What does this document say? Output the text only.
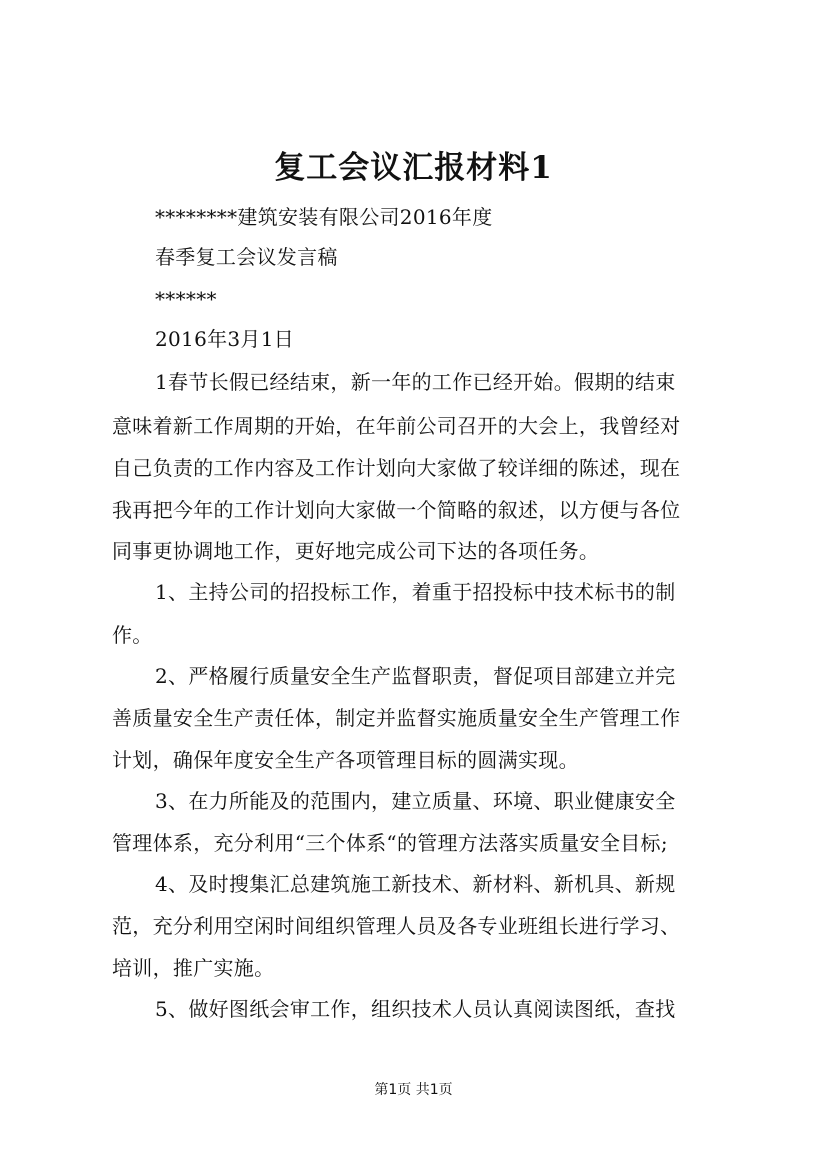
复工会议汇报材料1
********建筑安装有限公司2016年度
春季复工会议发言稿
******
2016年3月1日
1春节长假已经结束，新一年的工作已经开始。假期的结束
意味着新工作周期的开始，在年前公司召开的大会上，我曾经对
自己负责的工作内容及工作计划向大家做了较详细的陈述，现在
我再把今年的工作计划向大家做一个简略的叙述，以方便与各位
同事更协调地工作，更好地完成公司下达的各项任务。
1、主持公司的招投标工作，着重于招投标中技术标书的制
作。
2、严格履行质量安全生产监督职责，督促项目部建立并完
善质量安全生产责任体，制定并监督实施质量安全生产管理工作
计划，确保年度安全生产各项管理目标的圆满实现。
3、在力所能及的范围内，建立质量、环境、职业健康安全
管理体系，充分利用“三个体系“的管理方法落实质量安全目标;
4、及时搜集汇总建筑施工新技术、新材料、新机具、新规
范，充分利用空闲时间组织管理人员及各专业班组长进行学习、
培训，推广实施。
5、做好图纸会审工作，组织技术人员认真阅读图纸，查找
第1页 共1页
